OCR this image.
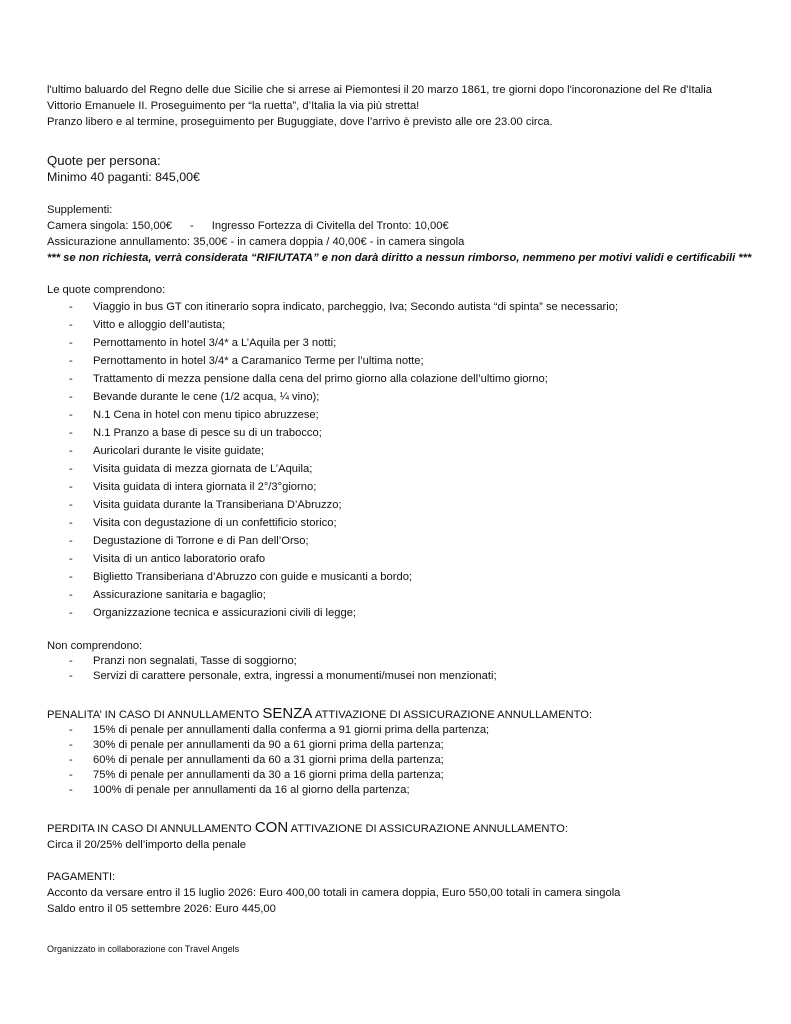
l'ultimo baluardo del Regno delle due Sicilie che si arrese ai Piemontesi il 20 marzo 1861, tre giorni dopo l'incoronazione del Re d'Italia

Vittorio Emanuele II. Proseguimento per “la ruetta”, d’Italia la via più stretta!

Pranzo libero e al termine, proseguimento per Buguggiate, dove l’arrivo è previsto alle ore 23.00 circa.

Quote per persona:

Minimo 40 paganti: 845,00€

Supplementi:

Camera singola: 150,00€ - Ingresso Fortezza di Civitella del Tronto: 10,00€

Assicurazione annullamento: 35,00€ - in camera doppia / 40,00€ - in camera singola

*** se non richiesta, verrà considerata “RIFIUTATA” e non darà diritto a nessun rimborso, nemmeno per motivi validi e certificabili ***

Le quote comprendono:

- Viaggio in bus GT con itinerario sopra indicato, parcheggio, Iva; Secondo autista “di spinta” se necessario;
- Vitto e alloggio dell’autista;
- Pernottamento in hotel 3/4* a L’Aquila per 3 notti;
- Pernottamento in hotel 3/4* a Caramanico Terme per l’ultima notte;
- Trattamento di mezza pensione dalla cena del primo giorno alla colazione dell’ultimo giorno;
- Bevande durante le cene (1/2 acqua, ¼ vino);
- N.1 Cena in hotel con menu tipico abruzzese;
- N.1 Pranzo a base di pesce su di un trabocco;
- Auricolari durante le visite guidate;
- Visita guidata di mezza giornata de L’Aquila;
- Visita guidata di intera giornata il 2°/3°giorno;
- Visita guidata durante la Transiberiana D’Abruzzo;
- Visita con degustazione di un confettificio storico;
- Degustazione di Torrone e di Pan dell’Orso;
- Visita di un antico laboratorio orafo
- Biglietto Transiberiana d’Abruzzo con guide e musicanti a bordo;
- Assicurazione sanitaria e bagaglio;
- Organizzazione tecnica e assicurazioni civili di legge;

Non comprendono:

- Pranzi non segnalati, Tasse di soggiorno;
- Servizi di carattere personale, extra, ingressi a monumenti/musei non menzionati;

PENALITA’ IN CASO DI ANNULLAMENTO SENZA ATTIVAZIONE DI ASSICURAZIONE ANNULLAMENTO:

- 15% di penale per annullamenti dalla conferma a 91 giorni prima della partenza;
- 30% di penale per annullamenti da 90 a 61 giorni prima della partenza;
- 60% di penale per annullamenti da 60 a 31 giorni prima della partenza;
- 75% di penale per annullamenti da 30 a 16 giorni prima della partenza;
- 100% di penale per annullamenti da 16 al giorno della partenza;

PERDITA IN CASO DI ANNULLAMENTO CON ATTIVAZIONE DI ASSICURAZIONE ANNULLAMENTO:

Circa il 20/25% dell’importo della penale

PAGAMENTI:

Acconto da versare entro il 15 luglio 2026: Euro 400,00 totali in camera doppia, Euro 550,00 totali in camera singola

Saldo entro il 05 settembre 2026: Euro 445,00

Organizzato in collaborazione con Travel Angels
